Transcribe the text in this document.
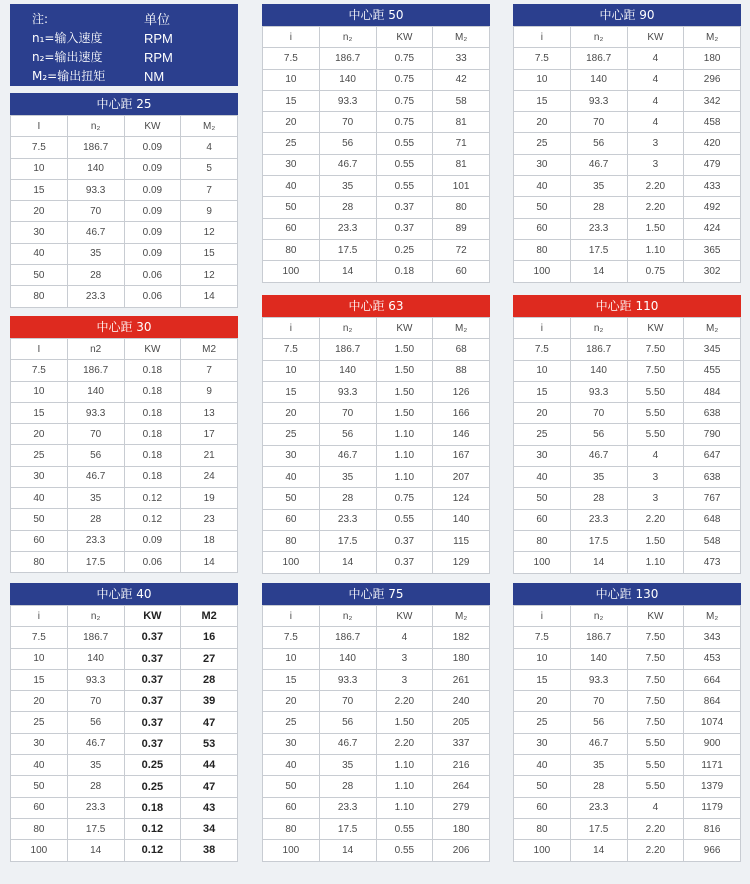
注:	单位
n₁=输入速度	RPM
n₂=输出速度	RPM
M₂=输出扭矩	NM
中心距 25
I	n₂	KW	M₂
7.5	186.7	0.09	4
10	140	0.09	5
15	93.3	0.09	7
20	70	0.09	9
30	46.7	0.09	12
40	35	0.09	15
50	28	0.06	12
80	23.3	0.06	14
中心距 30
I	n2	KW	M2
7.5	186.7	0.18	7
10	140	0.18	9
15	93.3	0.18	13
20	70	0.18	17
25	56	0.18	21
30	46.7	0.18	24
40	35	0.12	19
50	28	0.12	23
60	23.3	0.09	18
80	17.5	0.06	14
中心距 40
i	n₂	KW	M2
7.5	186.7	0.37	16
10	140	0.37	27
15	93.3	0.37	28
20	70	0.37	39
25	56	0.37	47
30	46.7	0.37	53
40	35	0.25	44
50	28	0.25	47
60	23.3	0.18	43
80	17.5	0.12	34
100	14	0.12	38
中心距 50
i	n₂	KW	M₂
7.5	186.7	0.75	33
10	140	0.75	42
15	93.3	0.75	58
20	70	0.75	81
25	56	0.55	71
30	46.7	0.55	81
40	35	0.55	101
50	28	0.37	80
60	23.3	0.37	89
80	17.5	0.25	72
100	14	0.18	60
中心距 63
i	n₂	KW	M₂
7.5	186.7	1.50	68
10	140	1.50	88
15	93.3	1.50	126
20	70	1.50	166
25	56	1.10	146
30	46.7	1.10	167
40	35	1.10	207
50	28	0.75	124
60	23.3	0.55	140
80	17.5	0.37	115
100	14	0.37	129
中心距 75
i	n₂	KW	M₂
7.5	186.7	4	182
10	140	3	180
15	93.3	3	261
20	70	2.20	240
25	56	1.50	205
30	46.7	2.20	337
40	35	1.10	216
50	28	1.10	264
60	23.3	1.10	279
80	17.5	0.55	180
100	14	0.55	206
中心距 90
i	n₂	KW	M₂
7.5	186.7	4	180
10	140	4	296
15	93.3	4	342
20	70	4	458
25	56	3	420
30	46.7	3	479
40	35	2.20	433
50	28	2.20	492
60	23.3	1.50	424
80	17.5	1.10	365
100	14	0.75	302
中心距 110
i	n₂	KW	M₂
7.5	186.7	7.50	345
10	140	7.50	455
15	93.3	5.50	484
20	70	5.50	638
25	56	5.50	790
30	46.7	4	647
40	35	3	638
50	28	3	767
60	23.3	2.20	648
80	17.5	1.50	548
100	14	1.10	473
中心距 130
i	n₂	KW	M₂
7.5	186.7	7.50	343
10	140	7.50	453
15	93.3	7.50	664
20	70	7.50	864
25	56	7.50	1074
30	46.7	5.50	900
40	35	5.50	1171
50	28	5.50	1379
60	23.3	4	1179
80	17.5	2.20	816
100	14	2.20	966
